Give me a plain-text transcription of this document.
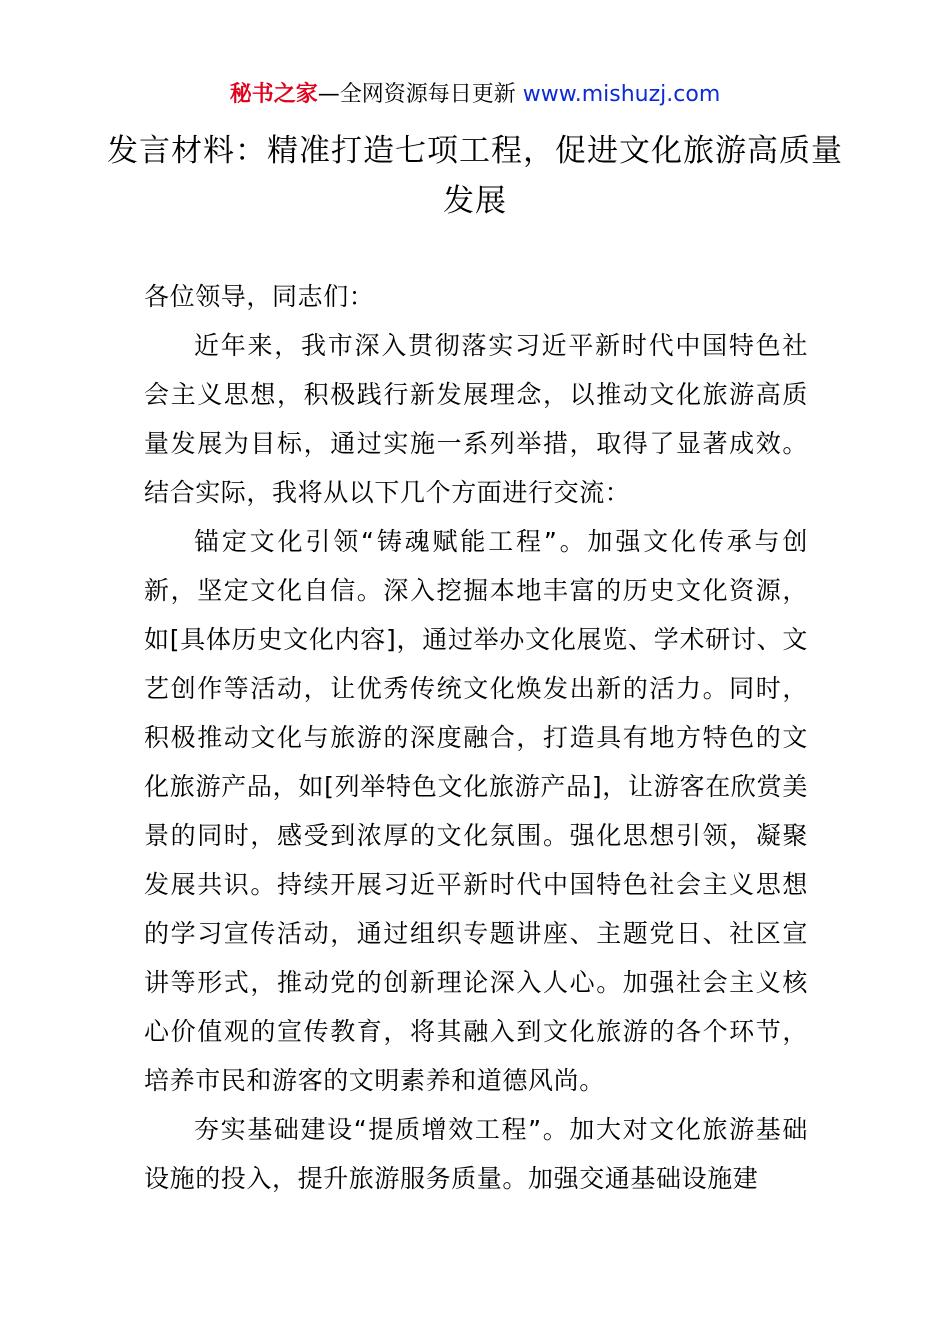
秘书之家—全网资源每日更新 www.mishuzj.com
发言材料：精准打造七项工程，促进文化旅游高质量发展

各位领导，同志们：

近年来，我市深入贯彻落实习近平新时代中国特色社会主义思想，积极践行新发展理念，以推动文化旅游高质量发展为目标，通过实施一系列举措，取得了显著成效。结合实际，我将从以下几个方面进行交流：

锚定文化引领“铸魂赋能工程”。加强文化传承与创新，坚定文化自信。深入挖掘本地丰富的历史文化资源，如[具体历史文化内容]，通过举办文化展览、学术研讨、文艺创作等活动，让优秀传统文化焕发出新的活力。同时，积极推动文化与旅游的深度融合，打造具有地方特色的文化旅游产品，如[列举特色文化旅游产品]，让游客在欣赏美景的同时，感受到浓厚的文化氛围。强化思想引领，凝聚发展共识。持续开展习近平新时代中国特色社会主义思想的学习宣传活动，通过组织专题讲座、主题党日、社区宣讲等形式，推动党的创新理论深入人心。加强社会主义核心价值观的宣传教育，将其融入到文化旅游的各个环节，培养市民和游客的文明素养和道德风尚。

夯实基础建设“提质增效工程”。加大对文化旅游基础设施的投入，提升旅游服务质量。加强交通基础设施建
